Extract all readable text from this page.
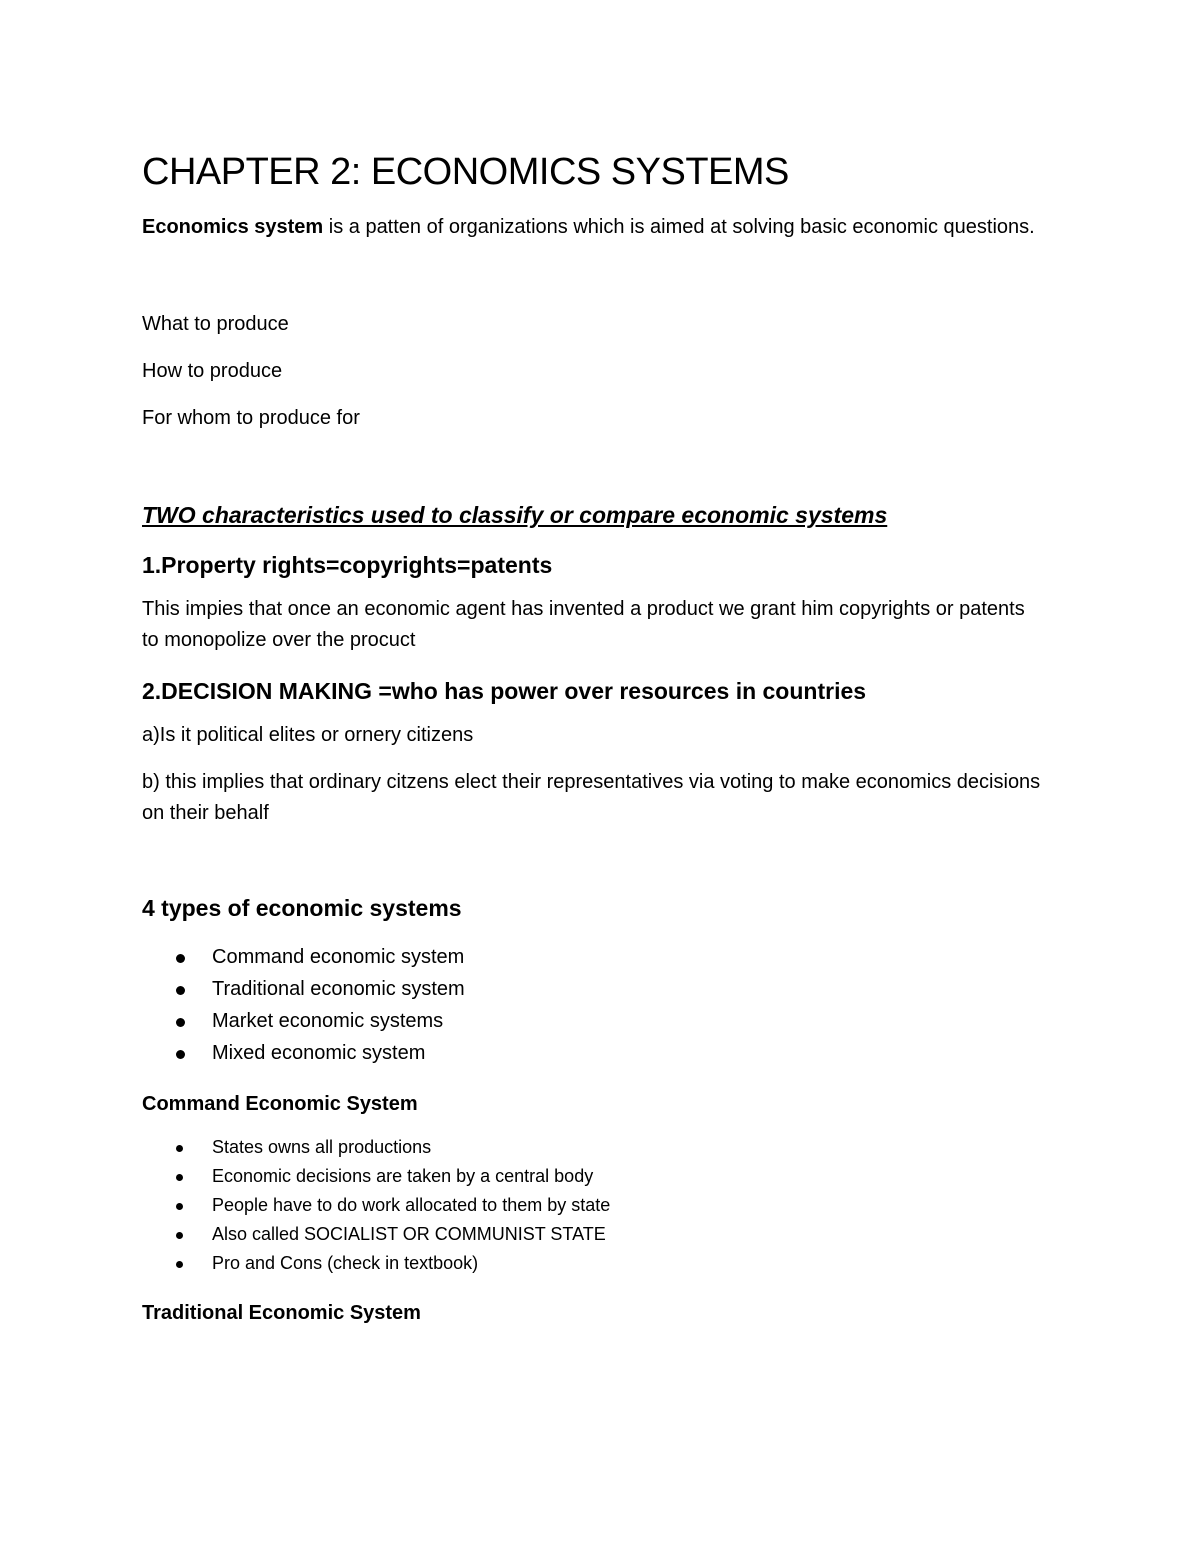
CHAPTER 2: ECONOMICS SYSTEMS

Economics system is a patten of organizations which is aimed at solving basic economic questions.

What to produce

How to produce

For whom to produce for

TWO characteristics used to classify or compare economic systems

1.Property rights=copyrights=patents

This impies that once an economic agent has invented a product we grant him copyrights or patents to monopolize over the procuct

2.DECISION MAKING =who has power over resources in countries

a)Is it political elites or ornery citizens

b) this implies that ordinary citzens elect their representatives via voting to make economics decisions on their behalf

4 types of economic systems

Command economic system
Traditional economic system
Market economic systems
Mixed economic system

Command Economic System

States owns all productions
Economic decisions are taken by a central body
People have to do work allocated to them by state
Also called SOCIALIST OR COMMUNIST STATE
Pro and Cons (check in textbook)

Traditional Economic System
